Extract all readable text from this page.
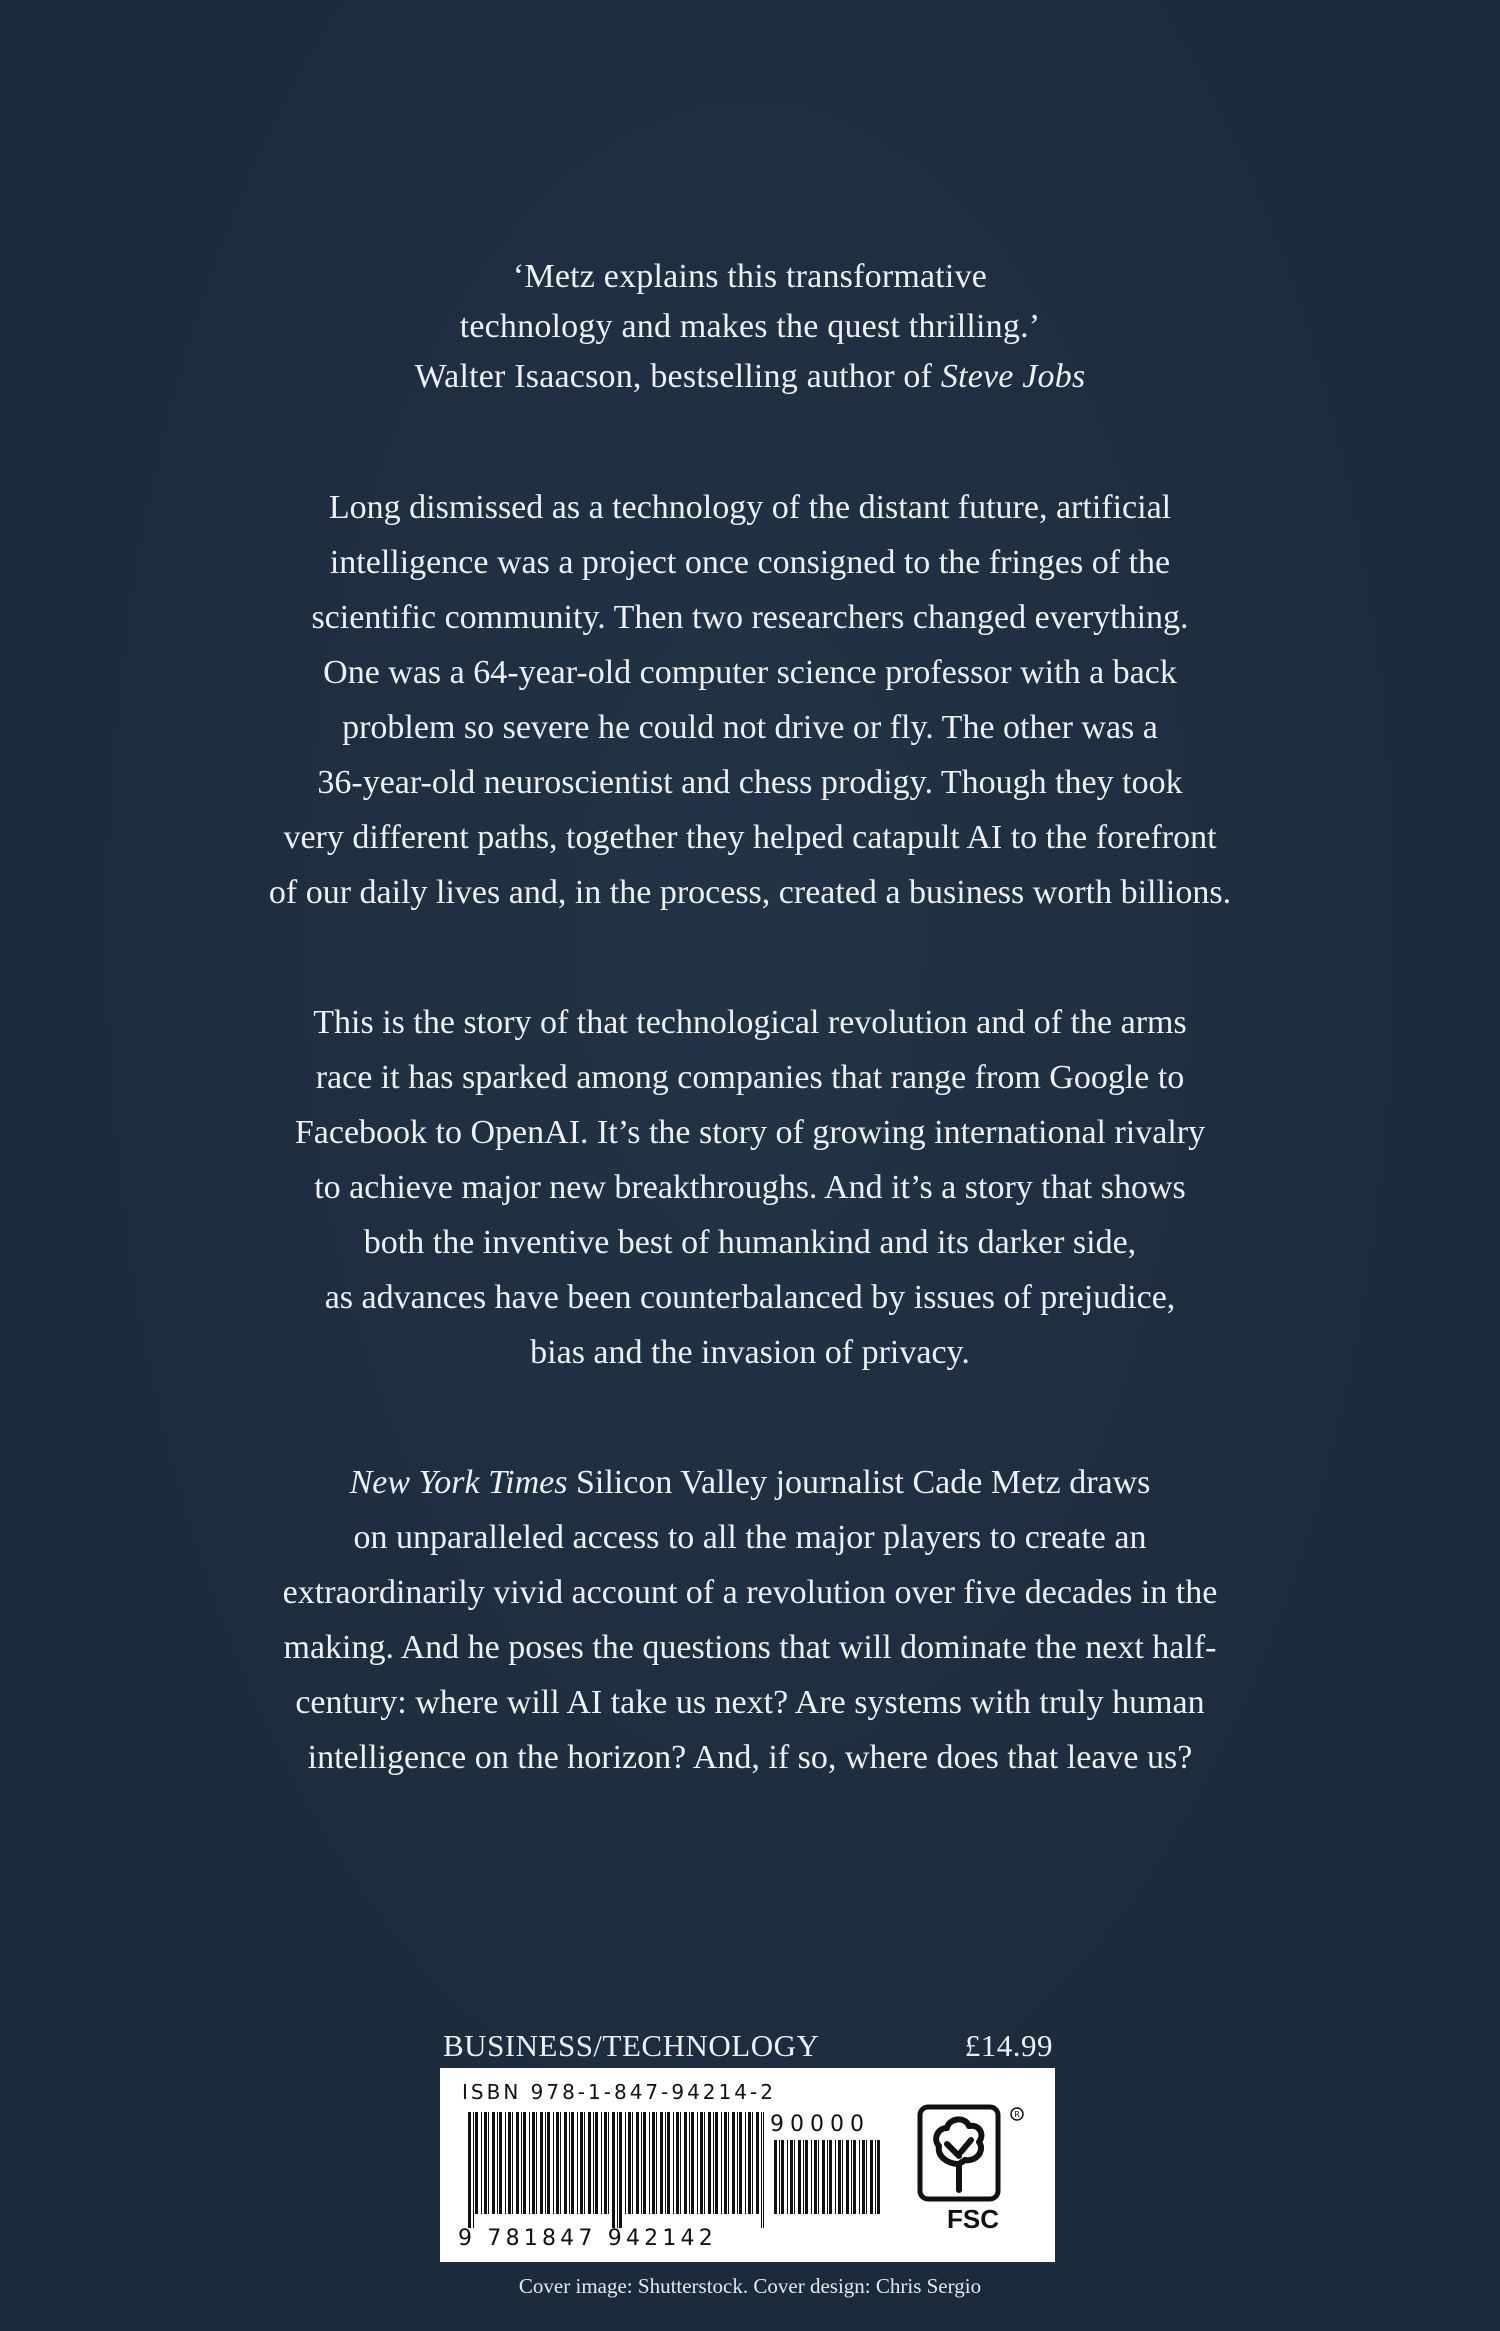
‘Metz explains this transformative
technology and makes the quest thrilling.’
Walter Isaacson, bestselling author of Steve Jobs
Long dismissed as a technology of the distant future, artificial
intelligence was a project once consigned to the fringes of the
scientific community. Then two researchers changed everything.
One was a 64-year-old computer science professor with a back
problem so severe he could not drive or fly. The other was a
36-year-old neuroscientist and chess prodigy. Though they took
very different paths, together they helped catapult AI to the forefront
of our daily lives and, in the process, created a business worth billions.
This is the story of that technological revolution and of the arms
race it has sparked among companies that range from Google to
Facebook to OpenAI. It’s the story of growing international rivalry
to achieve major new breakthroughs. And it’s a story that shows
both the inventive best of humankind and its darker side,
as advances have been counterbalanced by issues of prejudice,
bias and the invasion of privacy.
New York Times Silicon Valley journalist Cade Metz draws
on unparalleled access to all the major players to create an
extraordinarily vivid account of a revolution over five decades in the
making. And he poses the questions that will dominate the next half-
century: where will AI take us next? Are systems with truly human
intelligence on the horizon? And, if so, where does that leave us?
BUSINESS/TECHNOLOGY	£14.99
ISBN 978-1-847-94214-2
90000
9 781847 942142
R
FSC
Cover image: Shutterstock. Cover design: Chris Sergio
